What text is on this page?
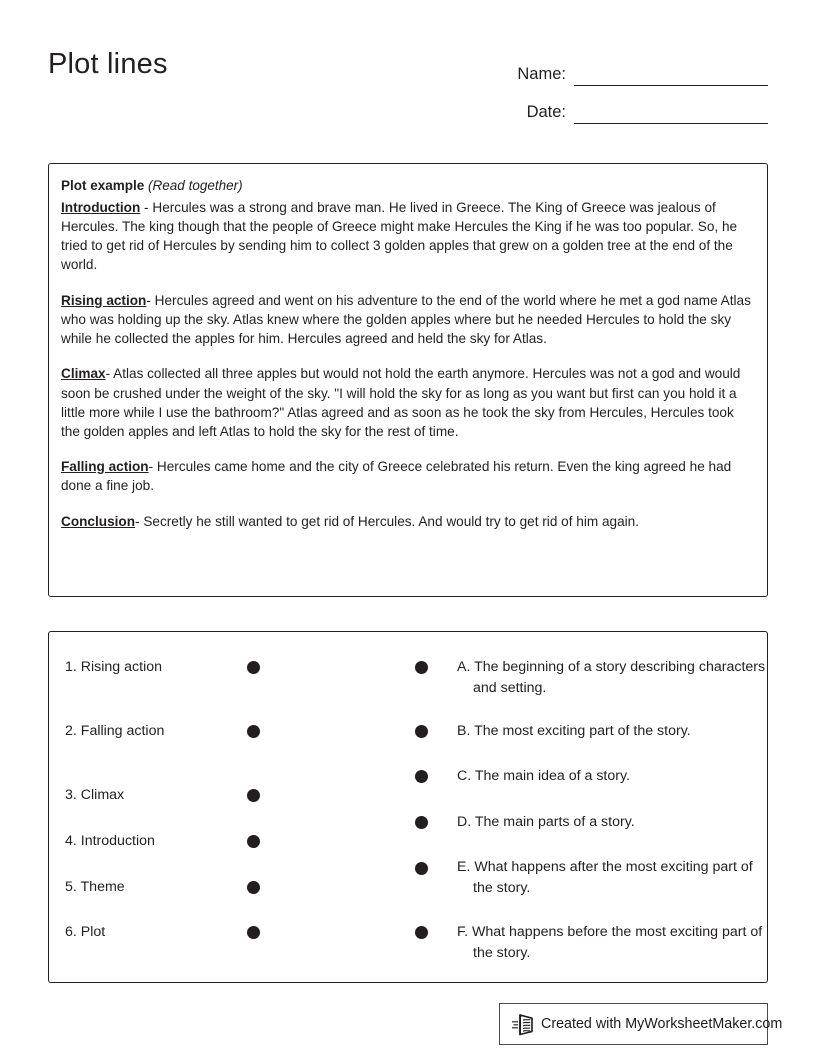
Plot lines	Name:
Date:

Plot example (Read together)

Introduction - Hercules was a strong and brave man. He lived in Greece. The King of Greece was jealous of Hercules. The king though that the people of Greece might make Hercules the King if he was too popular. So, he tried to get rid of Hercules by sending him to collect 3 golden apples that grew on a golden tree at the end of the world.

Rising action- Hercules agreed and went on his adventure to the end of the world where he met a god name Atlas who was holding up the sky. Atlas knew where the golden apples where but he needed Hercules to hold the sky while he collected the apples for him. Hercules agreed and held the sky for Atlas.

Climax- Atlas collected all three apples but would not hold the earth anymore. Hercules was not a god and would soon be crushed under the weight of the sky. "I will hold the sky for as long as you want but first can you hold it a little more while I use the bathroom?" Atlas agreed and as soon as he took the sky from Hercules, Hercules took the golden apples and left Atlas to hold the sky for the rest of time.

Falling action- Hercules came home and the city of Greece celebrated his return. Even the king agreed he had done a fine job.

Conclusion- Secretly he still wanted to get rid of Hercules. And would try to get rid of him again.

1. Rising action
2. Falling action
3. Climax
4. Introduction
5. Theme
6. Plot
A. The beginning of a story describing characters and setting.
B. The most exciting part of the story.
C. The main idea of a story.
D. The main parts of a story.
E. What happens after the most exciting part of the story.
F. What happens before the most exciting part of the story.
Created with MyWorksheetMaker.com
